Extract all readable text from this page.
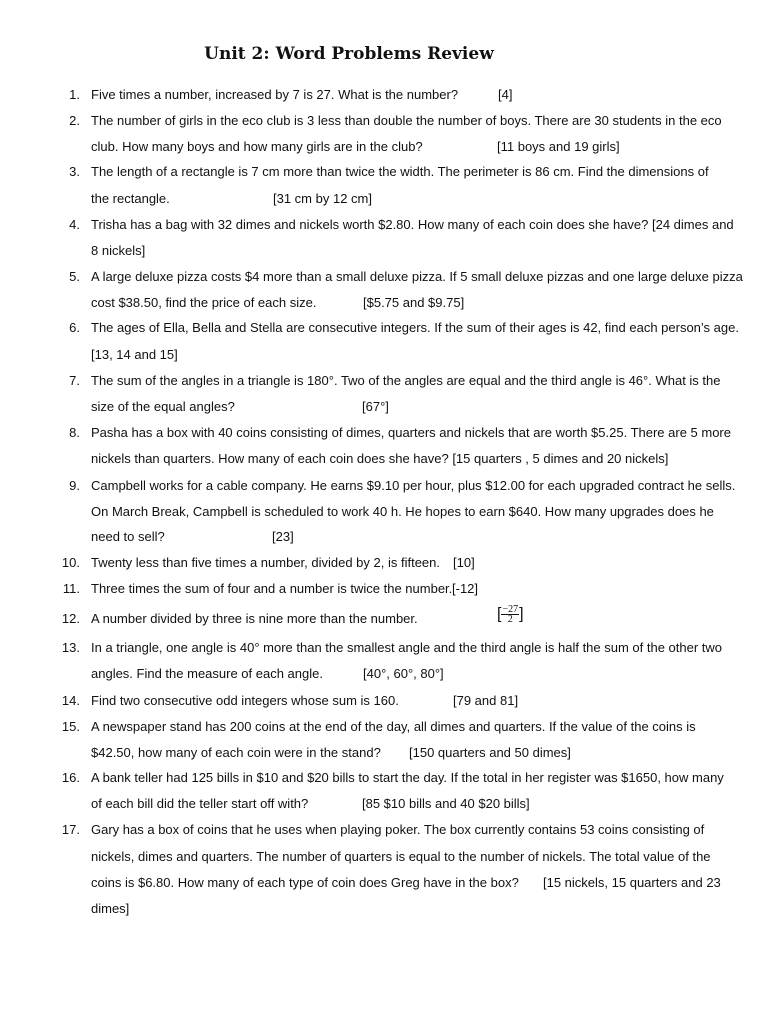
Unit 2: Word Problems Review
1. Five times a number, increased by 7 is 27. What is the number?	[4]
2. The number of girls in the eco club is 3 less than double the number of boys. There are 30 students in the eco
club. How many boys and how many girls are in the club?	[11 boys and 19 girls]
3. The length of a rectangle is 7 cm more than twice the width. The perimeter is 86 cm. Find the dimensions of
the rectangle.	[31 cm by 12 cm]
4. Trisha has a bag with 32 dimes and nickels worth $2.80. How many of each coin does she have? [24 dimes and
8 nickels]
5. A large deluxe pizza costs $4 more than a small deluxe pizza. If 5 small deluxe pizzas and one large deluxe pizza
cost $38.50, find the price of each size.	[$5.75 and $9.75]
6. The ages of Ella, Bella and Stella are consecutive integers. If the sum of their ages is 42, find each person’s age.
[13, 14 and 15]
7. The sum of the angles in a triangle is 180°. Two of the angles are equal and the third angle is 46°. What is the
size of the equal angles?	[67°]
8. Pasha has a box with 40 coins consisting of dimes, quarters and nickels that are worth $5.25. There are 5 more
nickels than quarters. How many of each coin does she have? [15 quarters , 5 dimes and 20 nickels]
9. Campbell works for a cable company. He earns $9.10 per hour, plus $12.00 for each upgraded contract he sells.
On March Break, Campbell is scheduled to work 40 h. He hopes to earn $640. How many upgrades does he
need to sell?	[23]
10. Twenty less than five times a number, divided by 2, is fifteen. [10]
11. Three times the sum of four and a number is twice the number. [-12]
12. A number divided by three is nine more than the number.	[ $\frac{-27}{2}$ ]
13. In a triangle, one angle is 40° more than the smallest angle and the third angle is half the sum of the other two
angles. Find the measure of each angle.	[40°, 60°, 80°]
14. Find two consecutive odd integers whose sum is 160.	[79 and 81]
15. A newspaper stand has 200 coins at the end of the day, all dimes and quarters. If the value of the coins is
$42.50, how many of each coin were in the stand?	[150 quarters and 50 dimes]
16. A bank teller had 125 bills in $10 and $20 bills to start the day. If the total in her register was $1650, how many
of each bill did the teller start off with?	[85 $10 bills and 40 $20 bills]
17. Gary has a box of coins that he uses when playing poker. The box currently contains 53 coins consisting of
nickels, dimes and quarters. The number of quarters is equal to the number of nickels. The total value of the
coins is $6.80. How many of each type of coin does Greg have in the box?
dimes]
[15 nickels, 15 quarters and 23
